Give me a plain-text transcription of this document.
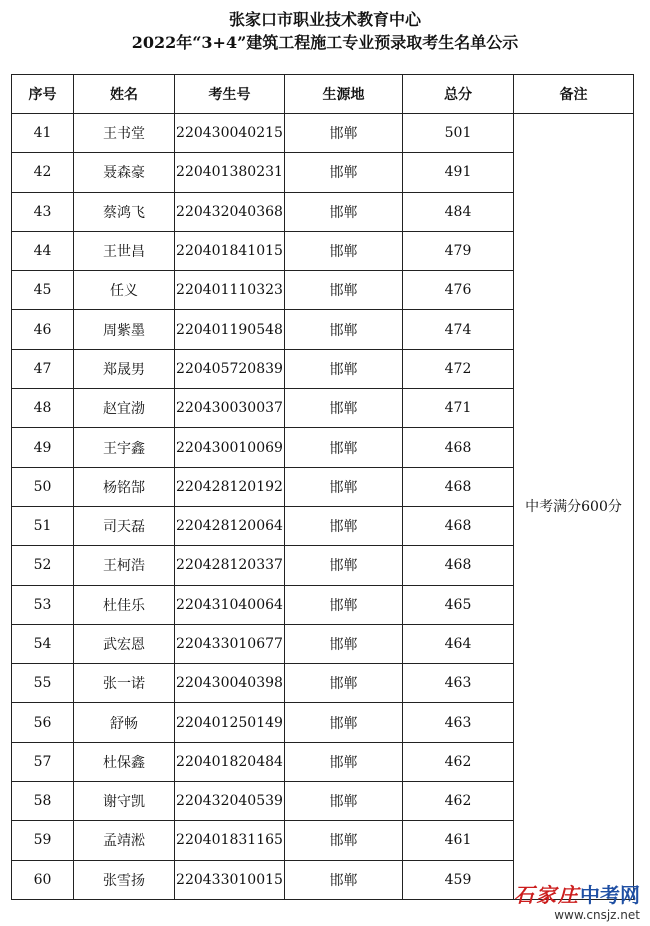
张家口市职业技术教育中心
2022年“3+4”建筑工程施工专业预录取考生名单公示
序号	姓名	考生号	生源地	总分	备注
41	王书堂	220430040215	邯郸	501	中考满分600分
42	聂森豪	220401380231	邯郸	491	
43	蔡鸿飞	220432040368	邯郸	484	
44	王世昌	220401841015	邯郸	479	
45	任义	220401110323	邯郸	476	
46	周紫墨	220401190548	邯郸	474	
47	郑晟男	220405720839	邯郸	472	
48	赵宜渤	220430030037	邯郸	471	
49	王宇鑫	220430010069	邯郸	468	
50	杨铭郜	220428120192	邯郸	468	
51	司天磊	220428120064	邯郸	468	
52	王柯浩	220428120337	邯郸	468	
53	杜佳乐	220431040064	邯郸	465	
54	武宏恩	220433010677	邯郸	464	
55	张一诺	220430040398	邯郸	463	
56	舒畅	220401250149	邯郸	463	
57	杜保鑫	220401820484	邯郸	462	
58	谢守凯	220432040539	邯郸	462	
59	孟靖淞	220401831165	邯郸	461	
60	张雪扬	220433010015	邯郸	459	
石家庄中考网
www.cnsjz.net
